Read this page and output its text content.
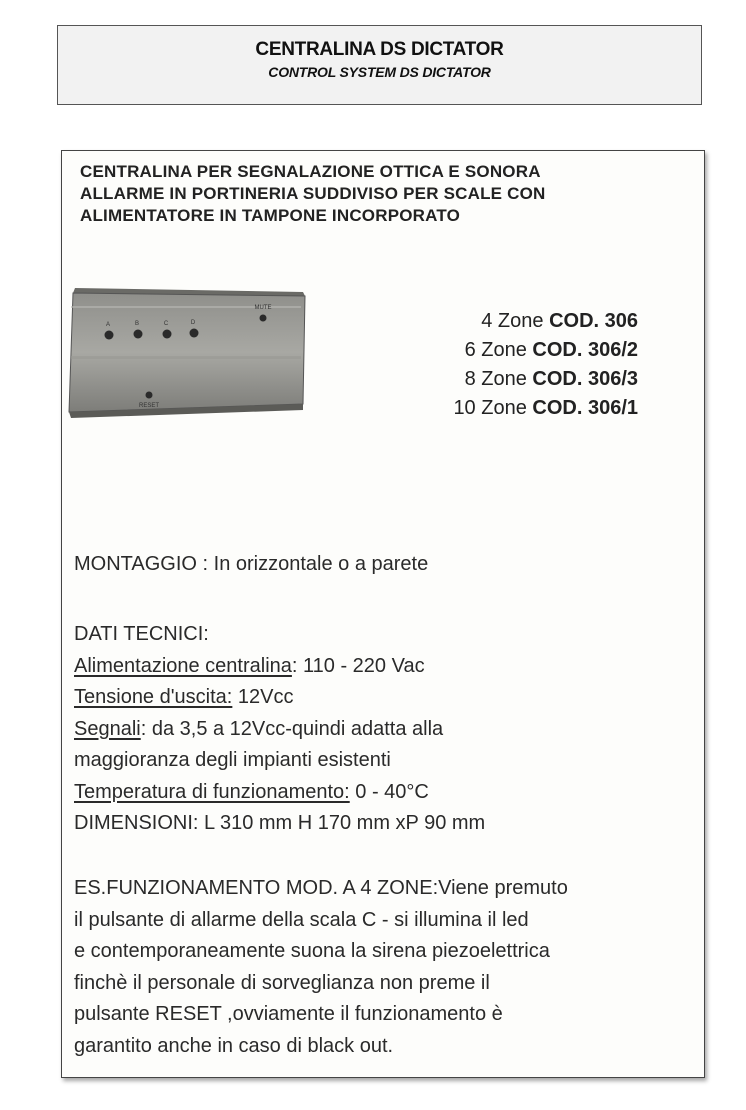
CENTRALINA DS DICTATOR
CONTROL SYSTEM DS DICTATOR
CENTRALINA PER SEGNALAZIONE OTTICA E SONORA
ALLARME IN PORTINERIA SUDDIVISO PER SCALE CON
ALIMENTATORE IN TAMPONE INCORPORATO
A	B	C	D
MUTE
RESET
4 Zone COD. 306
6 Zone COD. 306/2
8 Zone COD. 306/3
10 Zone COD. 306/1
MONTAGGIO : In orizzontale o a parete
DATI TECNICI:
Alimentazione centralina: 110 - 220 Vac
Tensione d'uscita: 12Vcc
Segnali: da 3,5 a 12Vcc-quindi adatta alla
maggioranza degli impianti esistenti
Temperatura di funzionamento: 0 - 40°C
DIMENSIONI: L 310 mm H 170 mm xP 90 mm
ES.FUNZIONAMENTO MOD. A 4 ZONE:Viene premuto
il pulsante di allarme della scala C - si illumina il led
e contemporaneamente suona la sirena piezoelettrica
finchè il personale di sorveglianza non preme il
pulsante RESET ,ovviamente il funzionamento è
garantito anche in caso di black out.
